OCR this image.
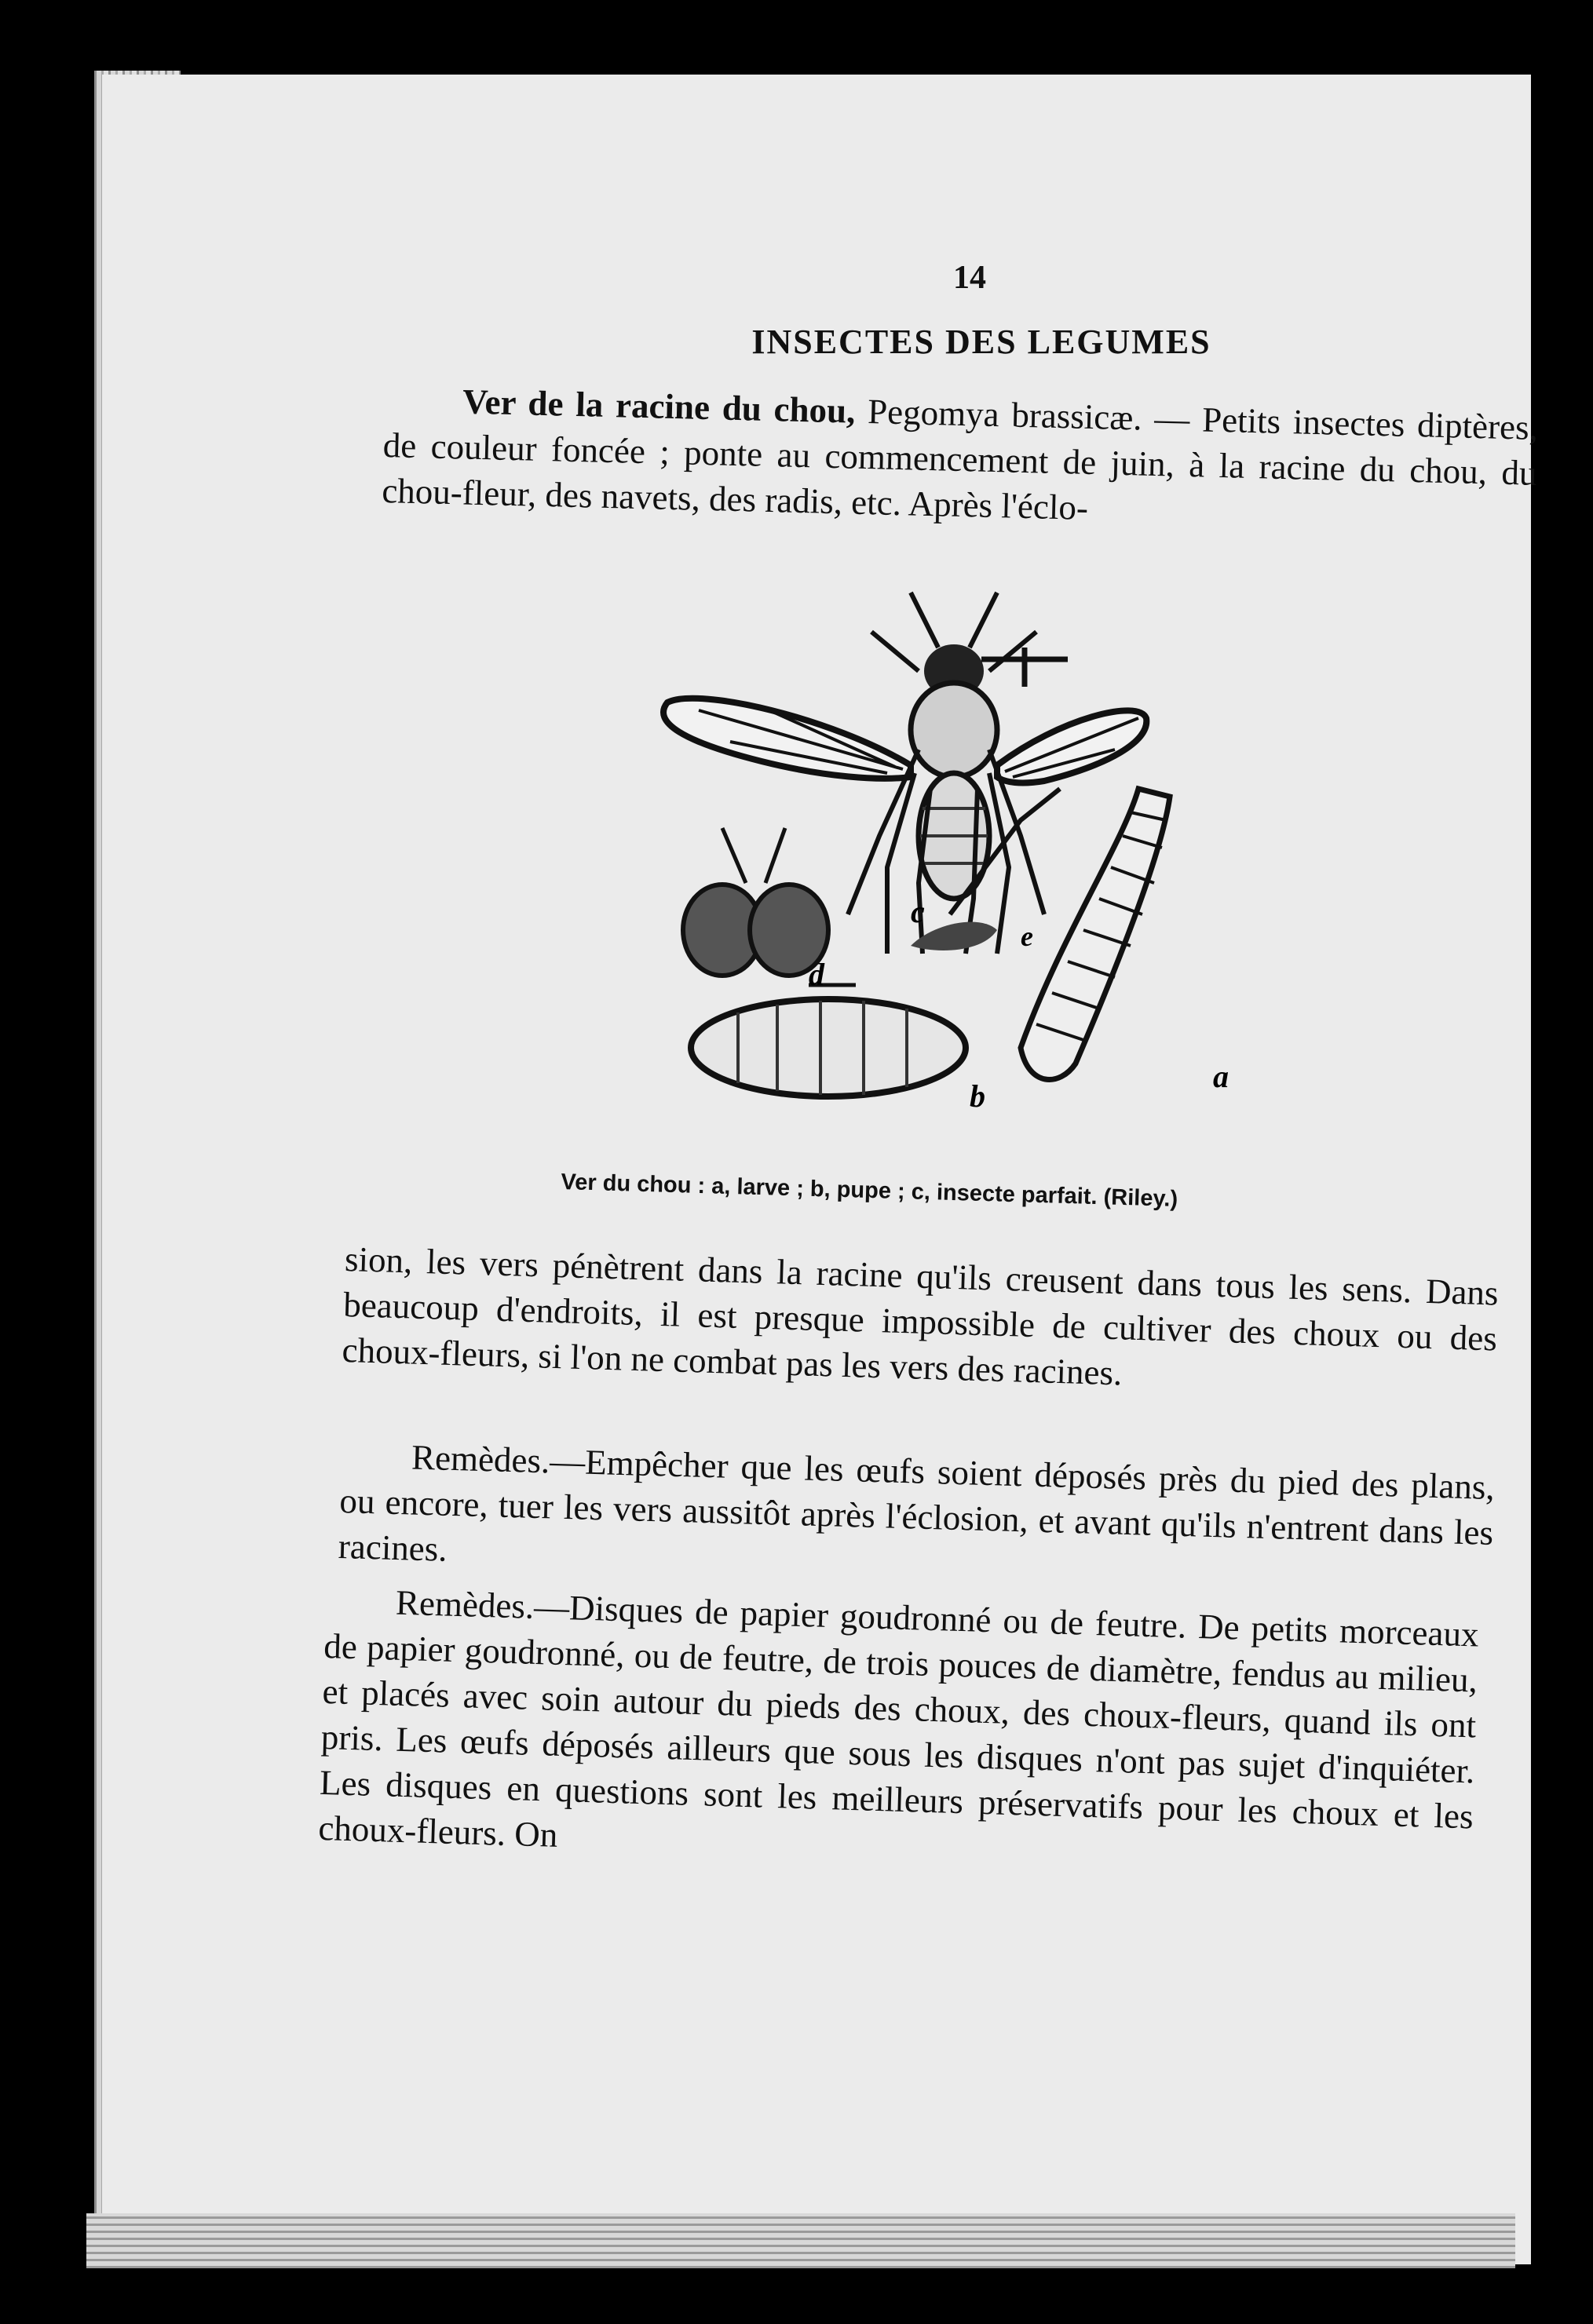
14
INSECTES DES LEGUMES
Ver de la racine du chou, Pegomya brassicæ. — Petits insectes diptères, de couleur foncée ; ponte au commencement de juin, à la racine du chou, du chou-fleur, des navets, des radis, etc. Après l'éclo-
a
b
c
d
e
Ver du chou : a, larve ; b, pupe ; c, insecte parfait. (Riley.)
sion, les vers pénètrent dans la racine qu'ils creusent dans tous les sens. Dans beaucoup d'endroits, il est presque impossible de cultiver des choux ou des choux-fleurs, si l'on ne combat pas les vers des racines.
Remèdes.—Empêcher que les œufs soient déposés près du pied des plans, ou encore, tuer les vers aussitôt après l'éclosion, et avant qu'ils n'entrent dans les racines.
Remèdes.—Disques de papier goudronné ou de feutre. De petits morceaux de papier goudronné, ou de feutre, de trois pouces de diamètre, fendus au milieu, et placés avec soin autour du pieds des choux, des choux-fleurs, quand ils ont pris. Les œufs déposés ailleurs que sous les disques n'ont pas sujet d'inquiéter. Les disques en questions sont les meilleurs préservatifs pour les choux et les choux-fleurs. On
